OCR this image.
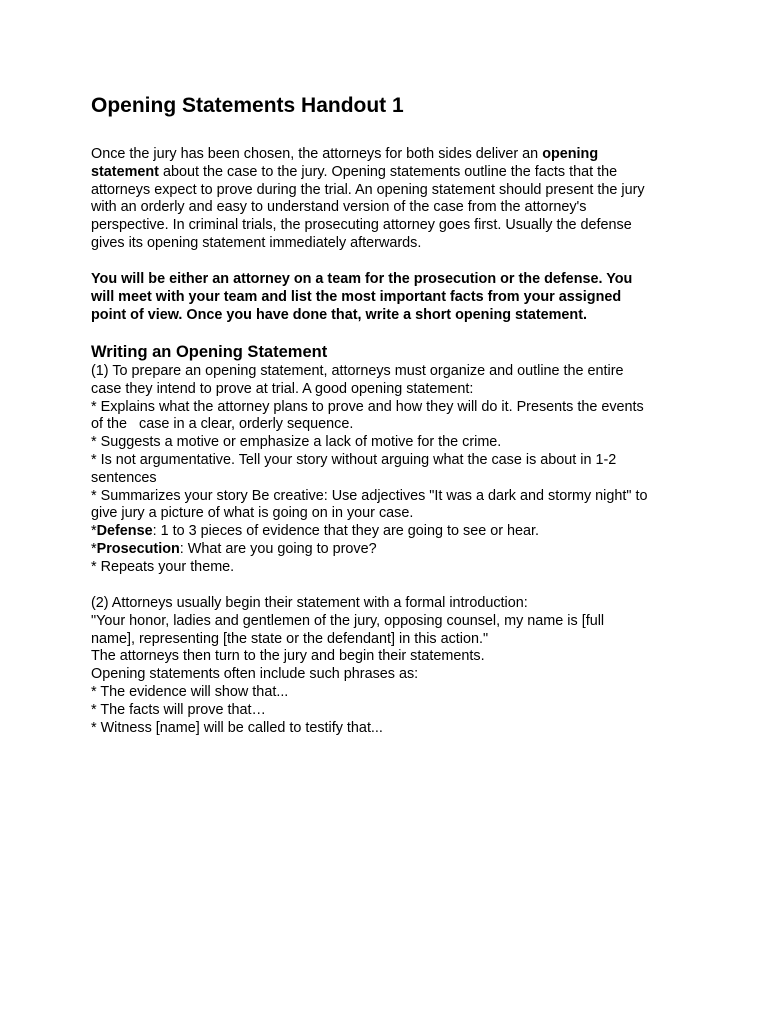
Opening Statements Handout 1
Once the jury has been chosen, the attorneys for both sides deliver an opening
statement about the case to the jury. Opening statements outline the facts that the
attorneys expect to prove during the trial. An opening statement should present the jury
with an orderly and easy to understand version of the case from the attorney's
perspective. In criminal trials, the prosecuting attorney goes first. Usually the defense
gives its opening statement immediately afterwards.
You will be either an attorney on a team for the prosecution or the defense. You
will meet with your team and list the most important facts from your assigned
point of view. Once you have done that, write a short opening statement.
Writing an Opening Statement
(1) To prepare an opening statement, attorneys must organize and outline the entire
case they intend to prove at trial. A good opening statement:
* Explains what the attorney plans to prove and how they will do it. Presents the events
of the   case in a clear, orderly sequence.
* Suggests a motive or emphasize a lack of motive for the crime.
* Is not argumentative. Tell your story without arguing what the case is about in 1-2
sentences
* Summarizes your story Be creative: Use adjectives "It was a dark and stormy night" to
give jury a picture of what is going on in your case.
*Defense: 1 to 3 pieces of evidence that they are going to see or hear.
*Prosecution: What are you going to prove?
* Repeats your theme.
(2) Attorneys usually begin their statement with a formal introduction:
"Your honor, ladies and gentlemen of the jury, opposing counsel, my name is [full
name], representing [the state or the defendant] in this action."
The attorneys then turn to the jury and begin their statements.
Opening statements often include such phrases as:
* The evidence will show that...
* The facts will prove that…
* Witness [name] will be called to testify that...
